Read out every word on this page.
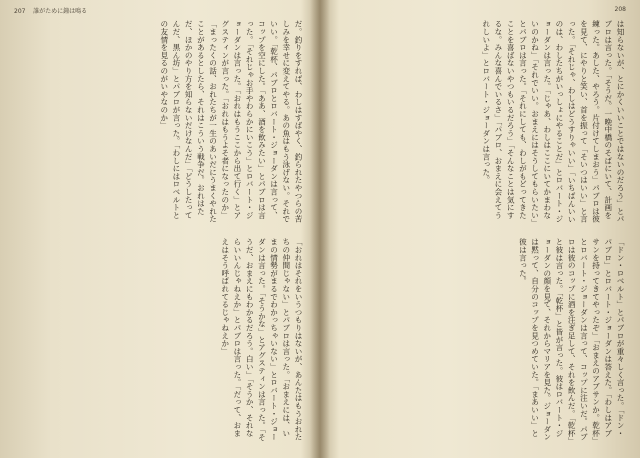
207 誰がために鐘は鳴る	208

だ。釣りをすれば、わしはすばやく、釣られたやつらの苦しみを幸せに変えてやる。あの魚はもう泳げない。それでいい。「乾杯、パブロとロバート・ジョーダンは言って、コップを空にした。「ああ、酒を飲みたい」とパブロは言った。「それじゃお手やわらかにいこう」とロバート・ジョーダンは言った。「おれはもうここから出て行く」とアグスティンが言った。「おれはもうよそ者になったのか」「まったくの話、おれたちが一生のあいだにうまくやれたことがあるとしたら、それはこういう戦争だ。おれはただ、ほかのやり方を知らないだけなんだ」「どうしたってんだ、黒ん坊」とパブロが言った。「わしにはロベルトとの友情を見るのがいやなのか」

「おれはそれをいうつもりはないが、あんたはもうおれたちの仲間じゃない」とパブロは言った。「おまえには、いまの情勢がまるでわかっちゃいない」とロバート・ジョーダンは言った。「そうかな」とアグスティンは言った。「そうだ、おまえにもわかるだろう。白い」「そうか、それならいいんじゃねえか」とパブロは言った。「だって、おまえはそう呼ばれてるじゃねえか」

は知らないが、とにかくいいことではないのだろう」とパブロは言った。「そうだ。一晩中橋のそばにいて、計画を練った。あした、やろう。片付けてしまおう」パブロは彼を見て、にやりと笑い、首を振って「そいつはいい」と言った。「それじゃ、わしはどうすりゃいい」「いちばんいいのは、わしたちがいっしょにやることだ」とロバート・ジョーダンは言った。「じゃあ、わしはここにいてかまわないのかね」「それでいい。おまえにはそうしてもらいたい」とパブロは言った。「それにしても、わしがもどってきたことを喜ばないやつもいるだろう」「そんなことは気にするな。みんな喜んでいるさ」「パブロ、おまえに会えてうれしいよ」とロバート・ジョーダンは言った。

「ドン・ロベルト」とパブロが重々しく言った。「ドン・パブロ」とロバート・ジョーダンは答えた。「わしはアブサンを持ってきてやったぞ」「おまえのアブサンか。乾杯」とロバート・ジョーダンは言って、コップに注いだ。パブロは彼のコップに酒を注ぎ足して、それを飲んだ。「乾杯」と彼は言った。「乾杯」と皆が言った。彼はロバート・ジョーダンの顔を見て、それからマリアを見た。ジョーダンは黙って、自分のコップを見つめていた。「まあいい」と彼は言った。
